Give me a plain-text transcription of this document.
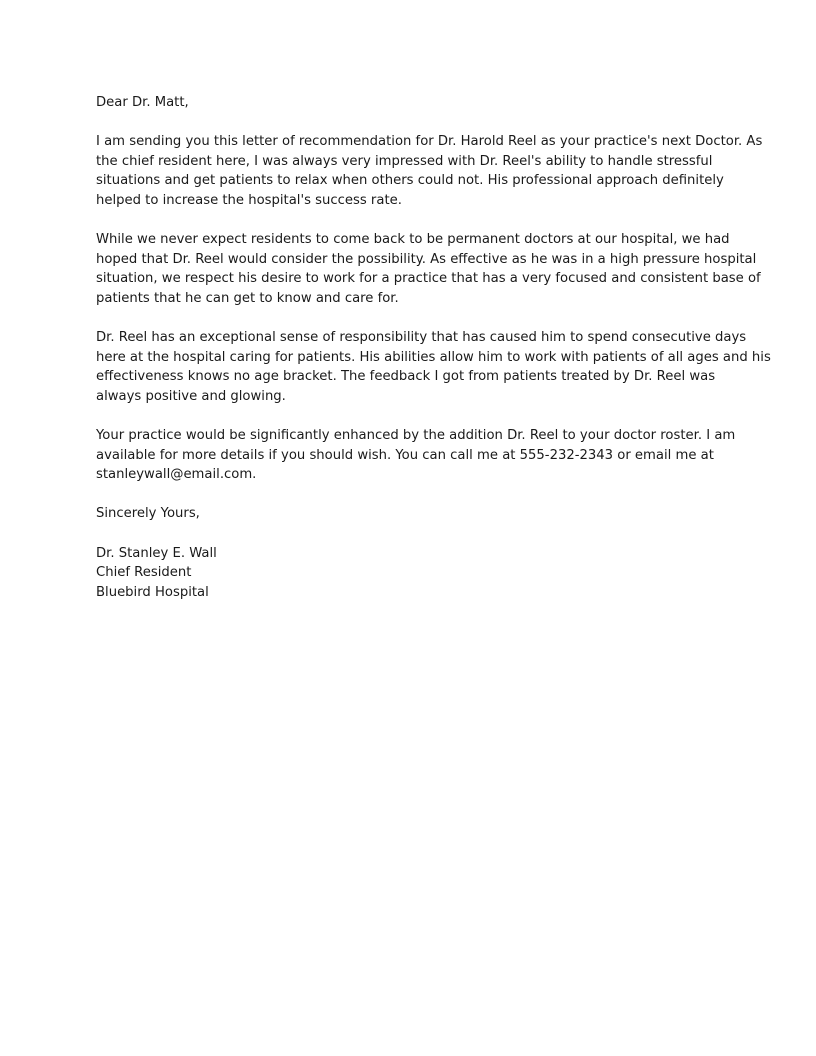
Dear Dr. Matt,

I am sending you this letter of recommendation for Dr. Harold Reel as your practice's next Doctor. As
the chief resident here, I was always very impressed with Dr. Reel's ability to handle stressful
situations and get patients to relax when others could not. His professional approach definitely
helped to increase the hospital's success rate.

While we never expect residents to come back to be permanent doctors at our hospital, we had
hoped that Dr. Reel would consider the possibility. As effective as he was in a high pressure hospital
situation, we respect his desire to work for a practice that has a very focused and consistent base of
patients that he can get to know and care for.

Dr. Reel has an exceptional sense of responsibility that has caused him to spend consecutive days
here at the hospital caring for patients. His abilities allow him to work with patients of all ages and his
effectiveness knows no age bracket. The feedback I got from patients treated by Dr. Reel was
always positive and glowing.

Your practice would be significantly enhanced by the addition Dr. Reel to your doctor roster. I am
available for more details if you should wish. You can call me at 555-232-2343 or email me at
stanleywall@email.com.

Sincerely Yours,

Dr. Stanley E. Wall
Chief Resident
Bluebird Hospital
